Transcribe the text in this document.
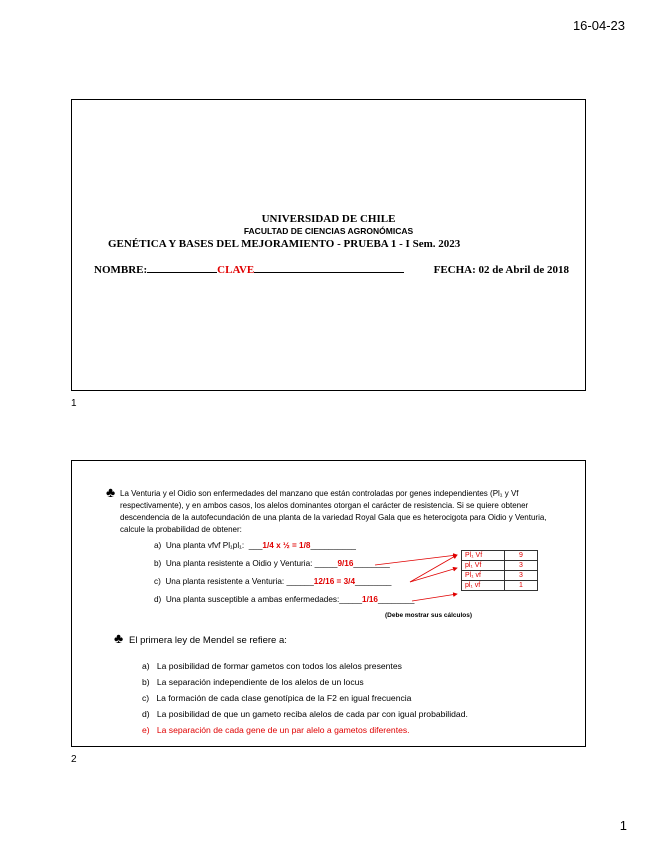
16-04-23
UNIVERSIDAD DE CHILE
FACULTAD DE CIENCIAS AGRONÓMICAS
GENÉTICA Y BASES DEL MEJORAMIENTO - PRUEBA 1 - I Sem. 2023
NOMBRE:	CLAVE	FECHA: 02 de Abril de 2018
1
♣ La Venturia y el Oidio son enfermedades del manzano que están controladas por genes independientes (Pl₁ y Vf respectivamente), y en ambos casos, los alelos dominantes otorgan el carácter de resistencia. Si se quiere obtener descendencia de la autofecundación de una planta de la variedad Royal Gala que es heterocigota para Oidio y Venturia, calcule la probabilidad de obtener:
a) Una planta vfvf Pl₁pl₁:  ___1/4 x ½ = 1/8__________
b) Una planta resistente a Oidio y Venturia: _____9/16________
c) Una planta resistente a Venturia: ______12/16 = 3/4________
d) Una planta susceptible a ambas enfermedades:_____1/16________
Pl₁ Vf	9
pl₁ Vf	3
Pl₁ vf	3
pl₁ vf	1
(Debe mostrar sus cálculos)
♣ El primera ley de Mendel se refiere a:
a) La posibilidad de formar gametos con todos los alelos presentes
b) La separación independiente de los alelos de un locus
c) La formación de cada clase genotípica de la F2 en igual frecuencia
d) La posibilidad de que un gameto reciba alelos de cada par con igual probabilidad.
e) La separación de cada gene de un par alelo a gametos diferentes.
2
1
